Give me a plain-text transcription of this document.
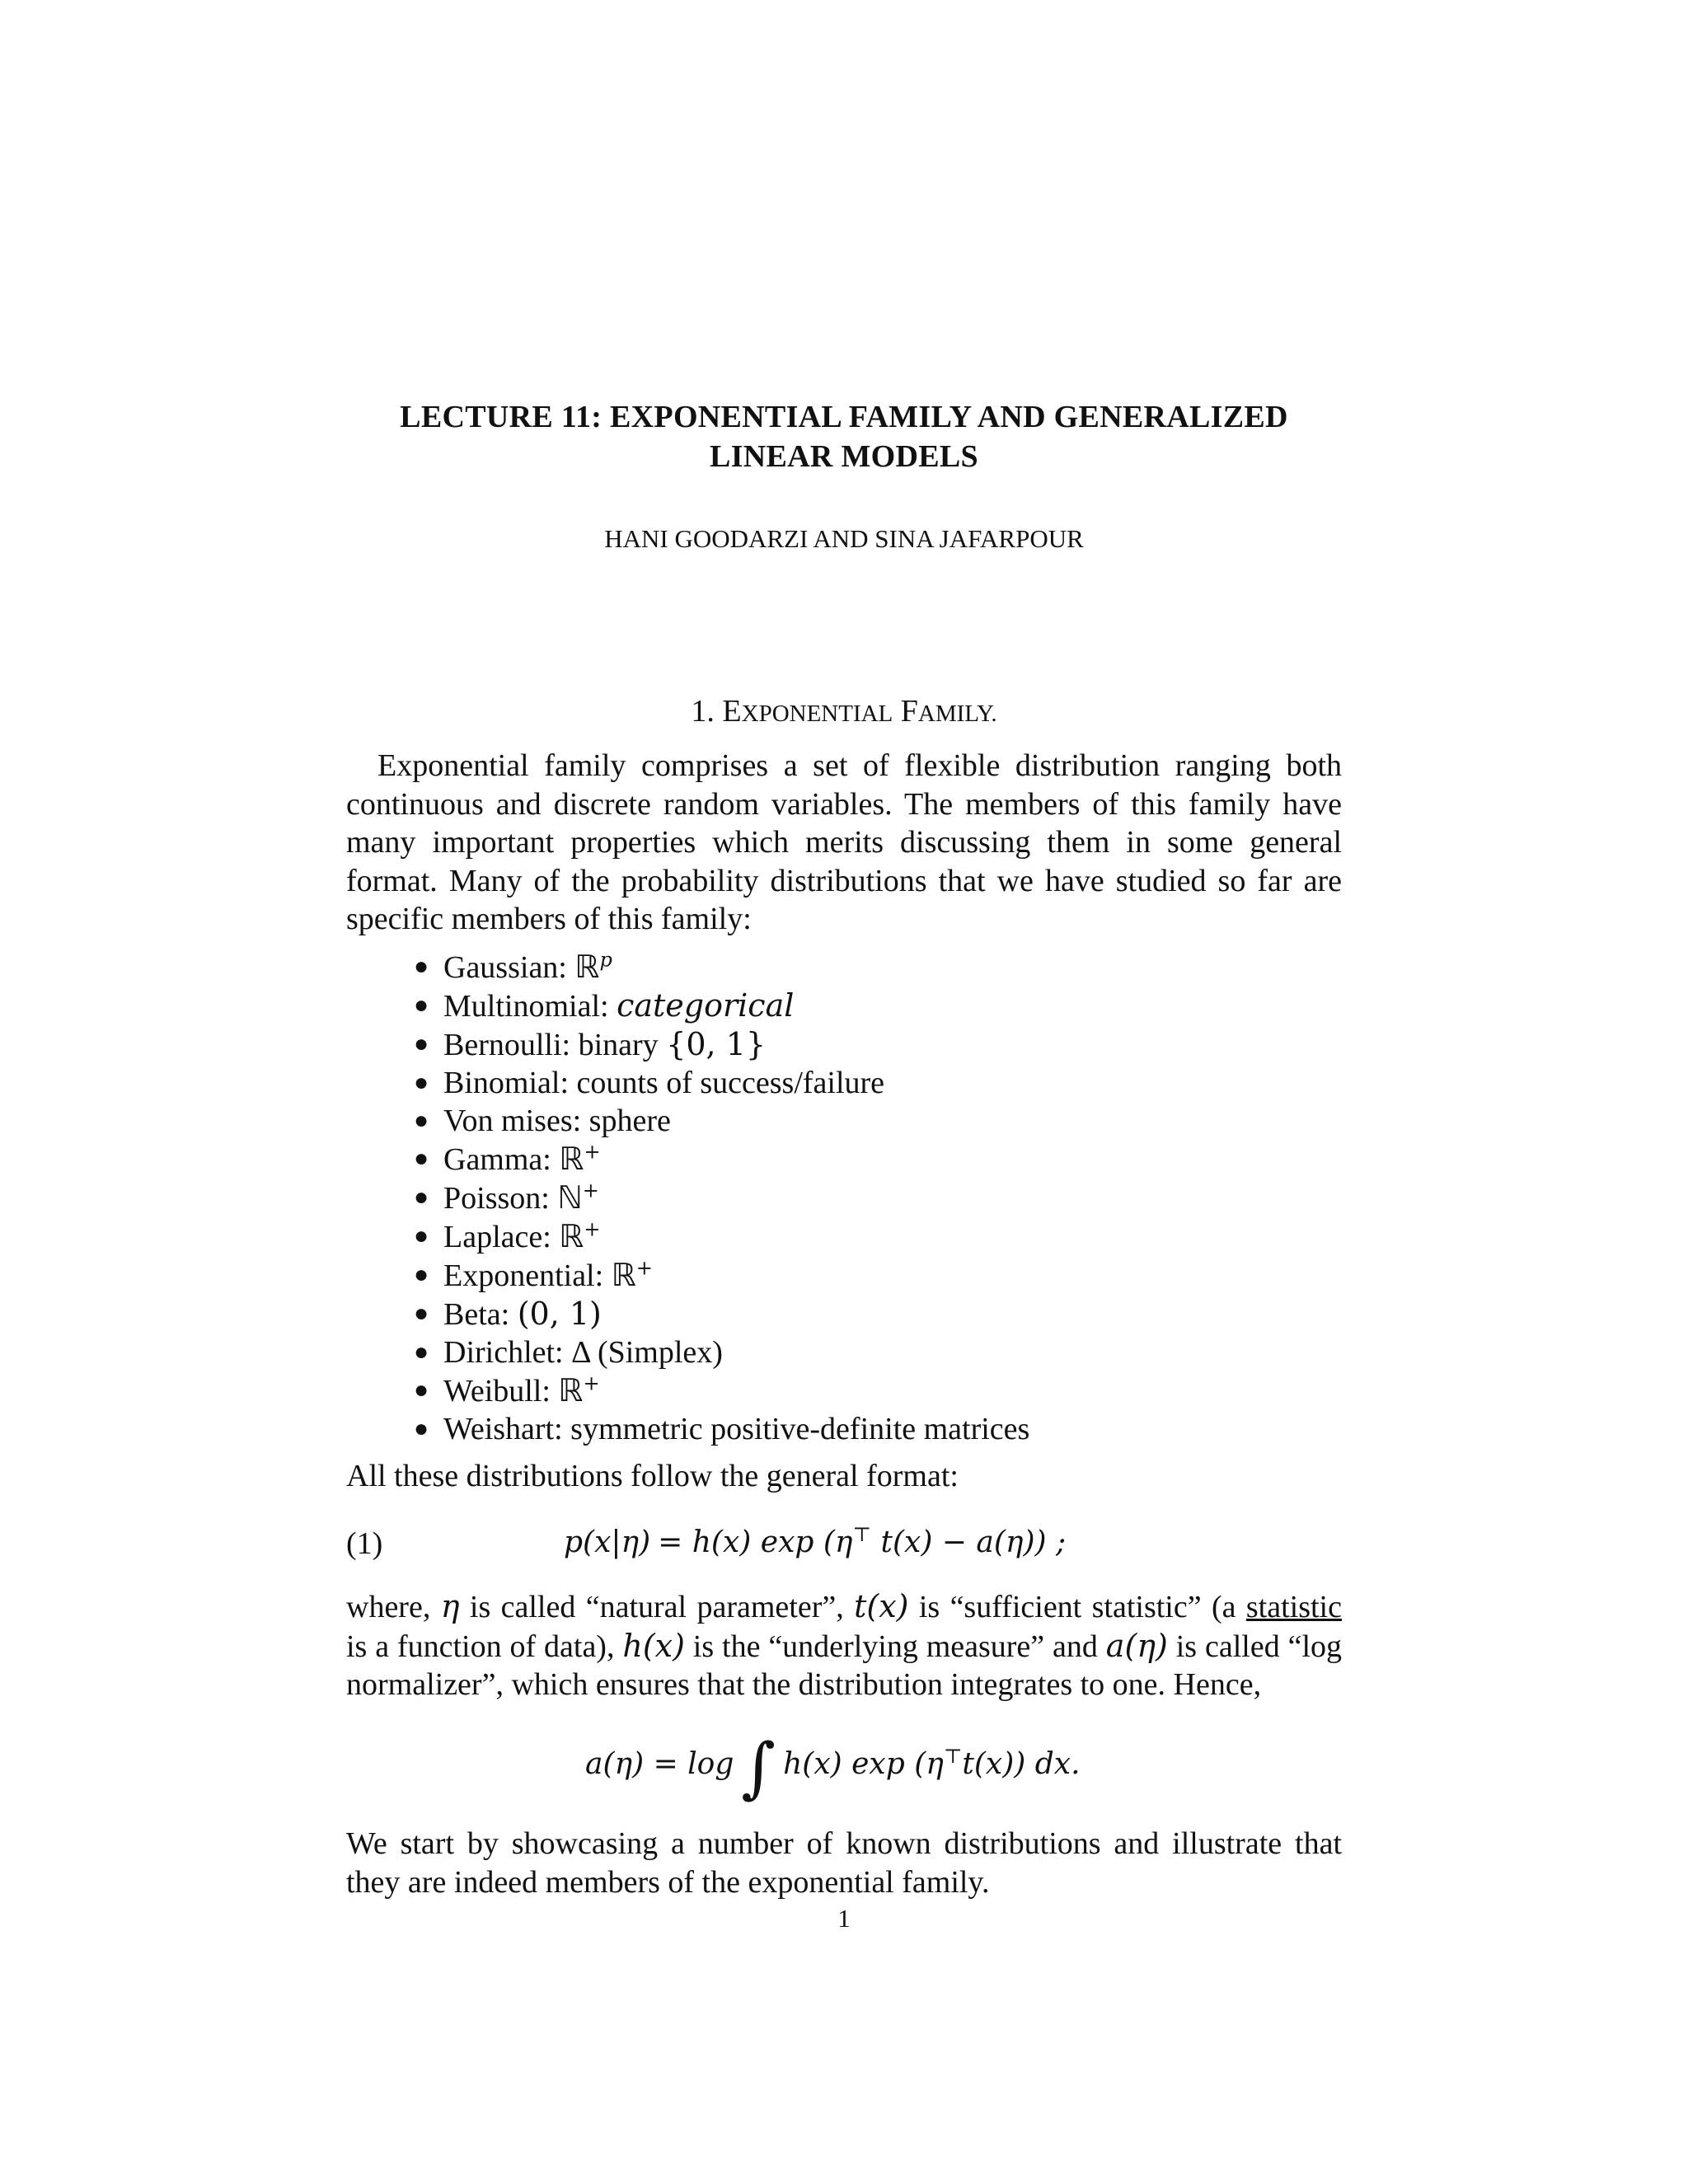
LECTURE 11: EXPONENTIAL FAMILY AND GENERALIZED
LINEAR MODELS
HANI GOODARZI AND SINA JAFARPOUR
1. EXPONENTIAL FAMILY.
Exponential family comprises a set of flexible distribution ranging both continuous and discrete random variables. The members of this family have many important properties which merits discussing them in some general format. Many of the probability distributions that we have studied so far are specific members of this family:
● Gaussian: ℝ$^p$
● Multinomial: categorical
● Bernoulli: binary {0, 1}
● Binomial: counts of success/failure
● Von mises: sphere
● Gamma: ℝ+
● Poisson: ℕ+
● Laplace: ℝ+
● Exponential: ℝ+
● Beta: (0, 1)
● Dirichlet: Δ (Simplex)
● Weibull: ℝ+
● Weishart: symmetric positive-definite matrices
All these distributions follow the general format:
(1)	p(x|η) = h(x) exp (η⊤ t(x) − a(η)) ;
where, η is called “natural parameter”, t(x) is “sufficient statistic” (a statistic is a function of data), h(x) is the “underlying measure” and a(η) is called “log normalizer”, which ensures that the distribution integrates to one. Hence,
a(η) = log ∫ h(x) exp (η⊤t(x)) dx.
We start by showcasing a number of known distributions and illustrate that they are indeed members of the exponential family.
1
